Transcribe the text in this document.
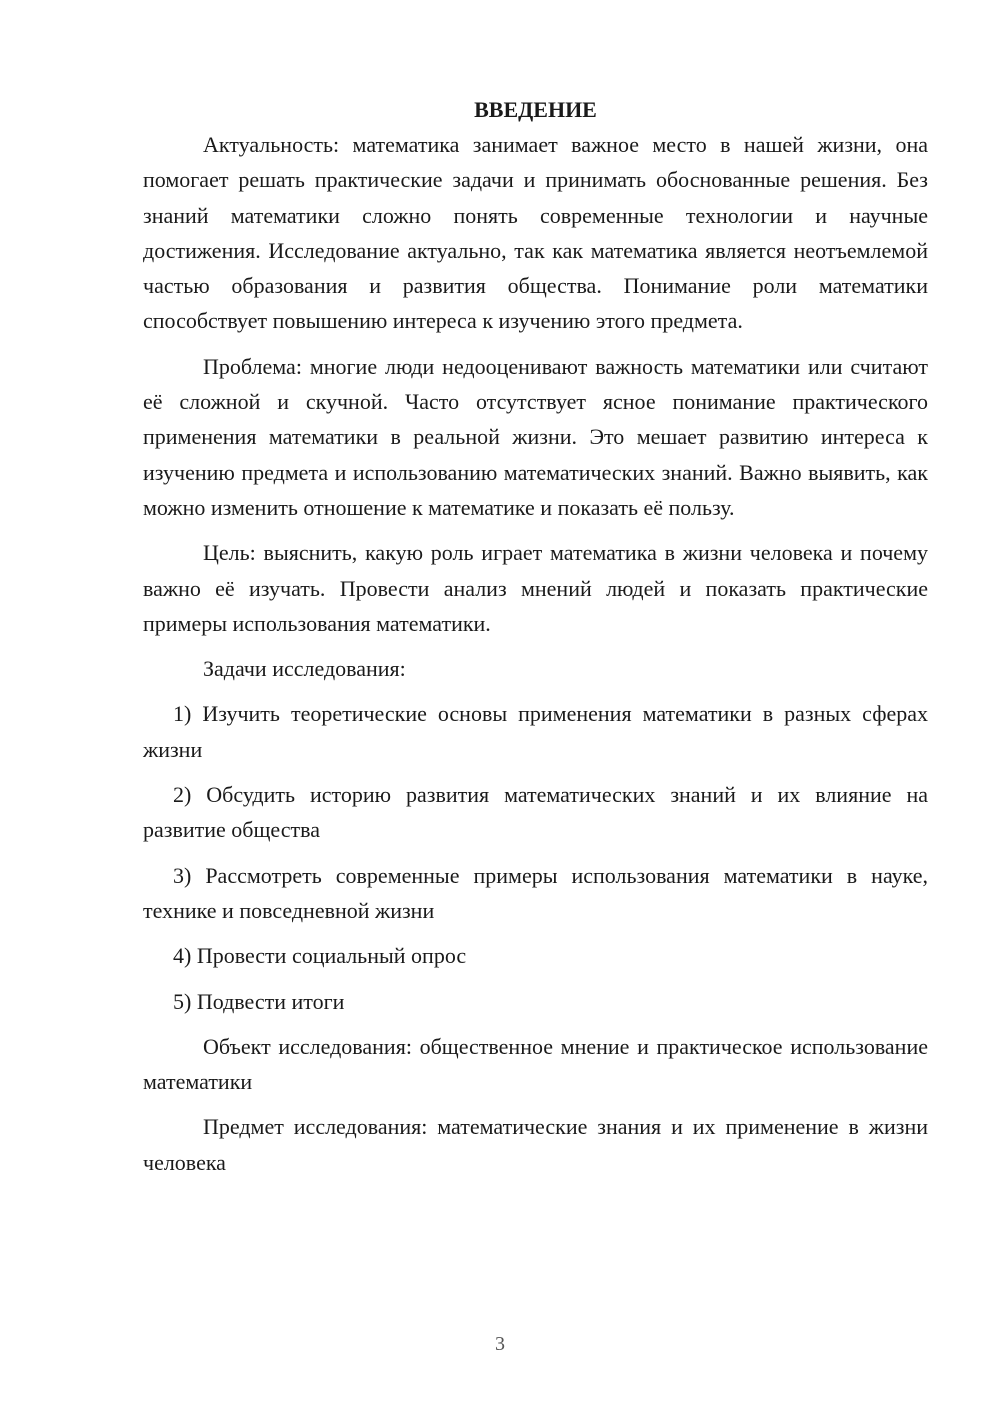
ВВЕДЕНИЕ

Актуальность: математика занимает важное место в нашей жизни, она помогает решать практические задачи и принимать обоснованные решения. Без знаний математики сложно понять современные технологии и научные достижения. Исследование актуально, так как математика является неотъемлемой частью образования и развития общества. Понимание роли математики способствует повышению интереса к изучению этого предмета.

Проблема: многие люди недооценивают важность математики или считают её сложной и скучной. Часто отсутствует ясное понимание практического применения математики в реальной жизни. Это мешает развитию интереса к изучению предмета и использованию математических знаний. Важно выявить, как можно изменить отношение к математике и показать её пользу.

Цель: выяснить, какую роль играет математика в жизни человека и почему важно её изучать. Провести анализ мнений людей и показать практические примеры использования математики.

Задачи исследования:

1) Изучить теоретические основы применения математики в разных сферах жизни

2) Обсудить историю развития математических знаний и их влияние на развитие общества

3) Рассмотреть современные примеры использования математики в науке, технике и повседневной жизни

4) Провести социальный опрос

5) Подвести итоги

Объект исследования: общественное мнение и практическое использование математики

Предмет исследования: математические знания и их применение в жизни человека

3
